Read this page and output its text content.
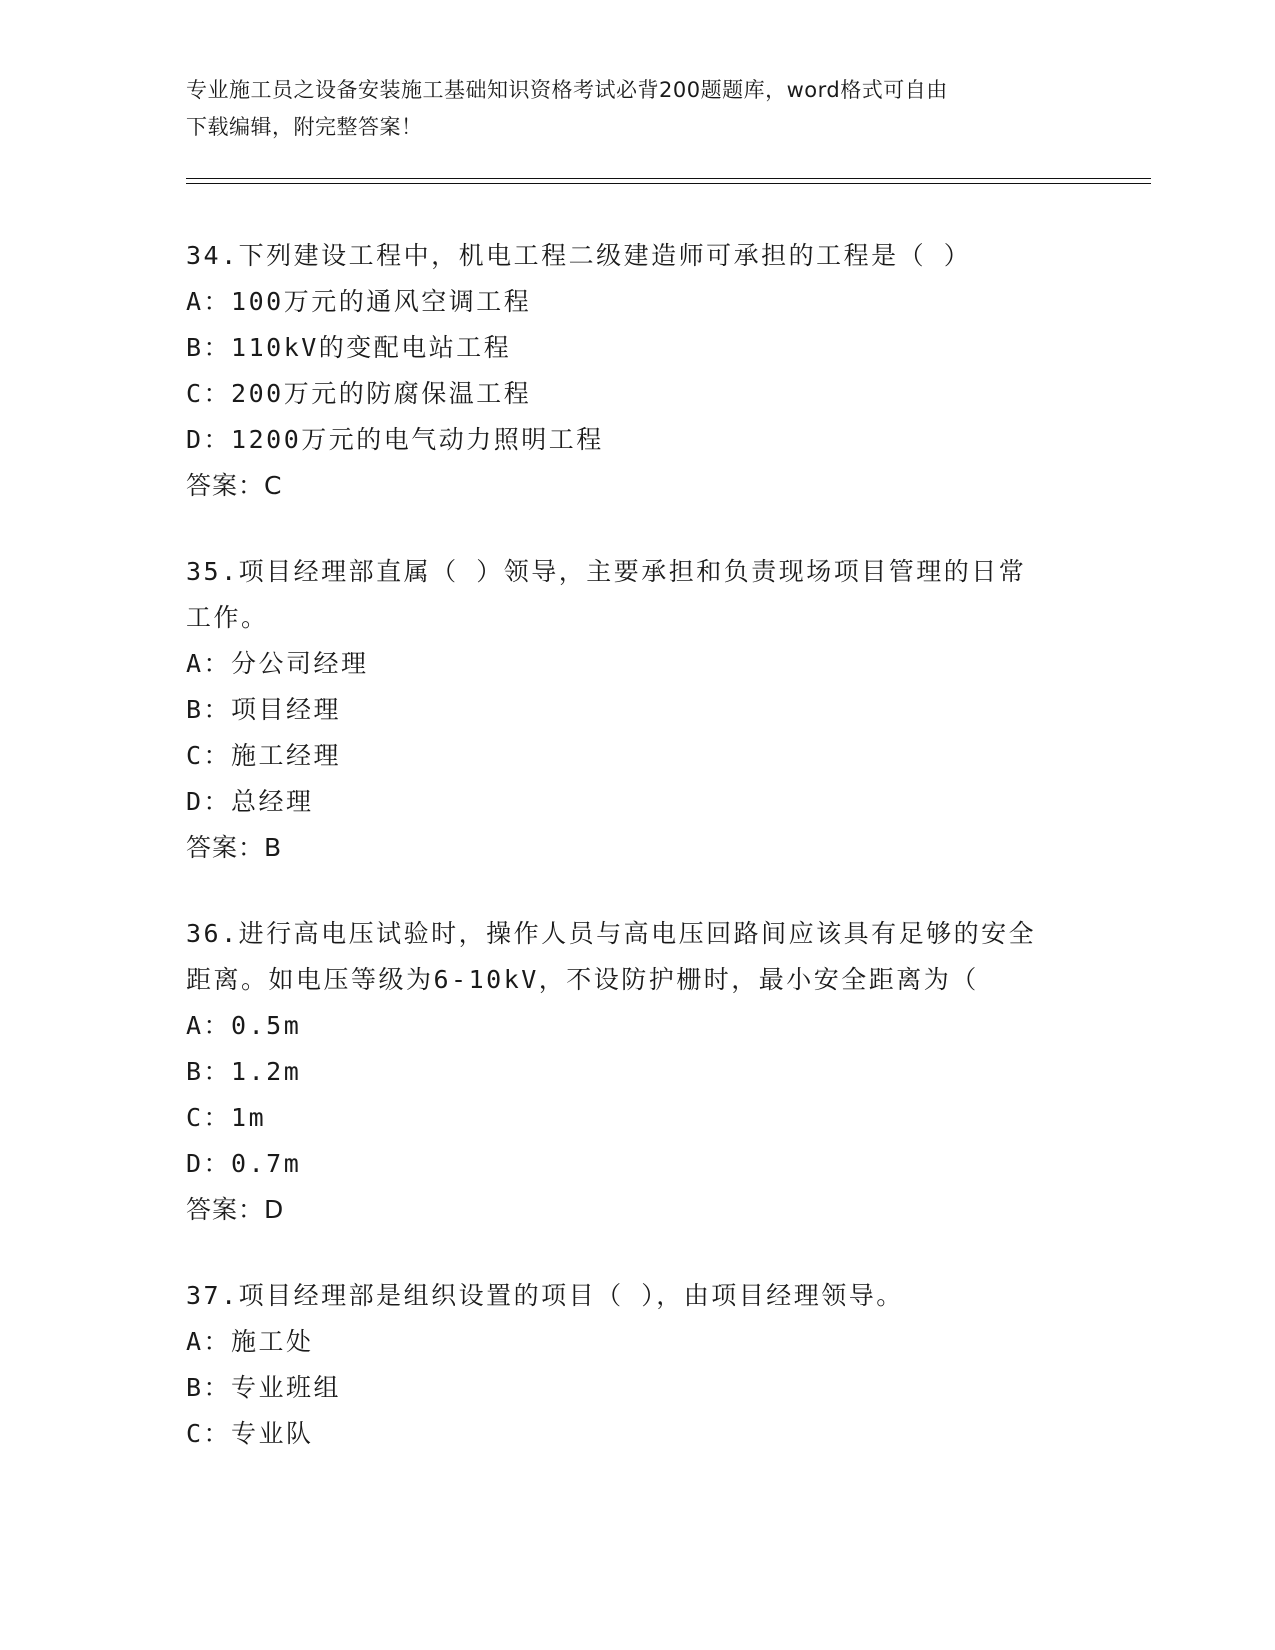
专业施工员之设备安装施工基础知识资格考试必背200题题库，word格式可自由
下载编辑，附完整答案！
34.下列建设工程中，机电工程二级建造师可承担的工程是（ ）
A：100万元的通风空调工程
B：110kV的变配电站工程
C：200万元的防腐保温工程
D：1200万元的电气动力照明工程
答案：C
35.项目经理部直属（ ）领导，主要承担和负责现场项目管理的日常
工作。
A：分公司经理
B：项目经理
C：施工经理
D：总经理
答案：B
36.进行高电压试验时，操作人员与高电压回路间应该具有足够的安全
距离。如电压等级为6-10kV，不设防护栅时，最小安全距离为（
A：0.5m
B：1.2m
C：1m
D：0.7m
答案：D
37.项目经理部是组织设置的项目（ ），由项目经理领导。
A：施工处
B：专业班组
C：专业队
